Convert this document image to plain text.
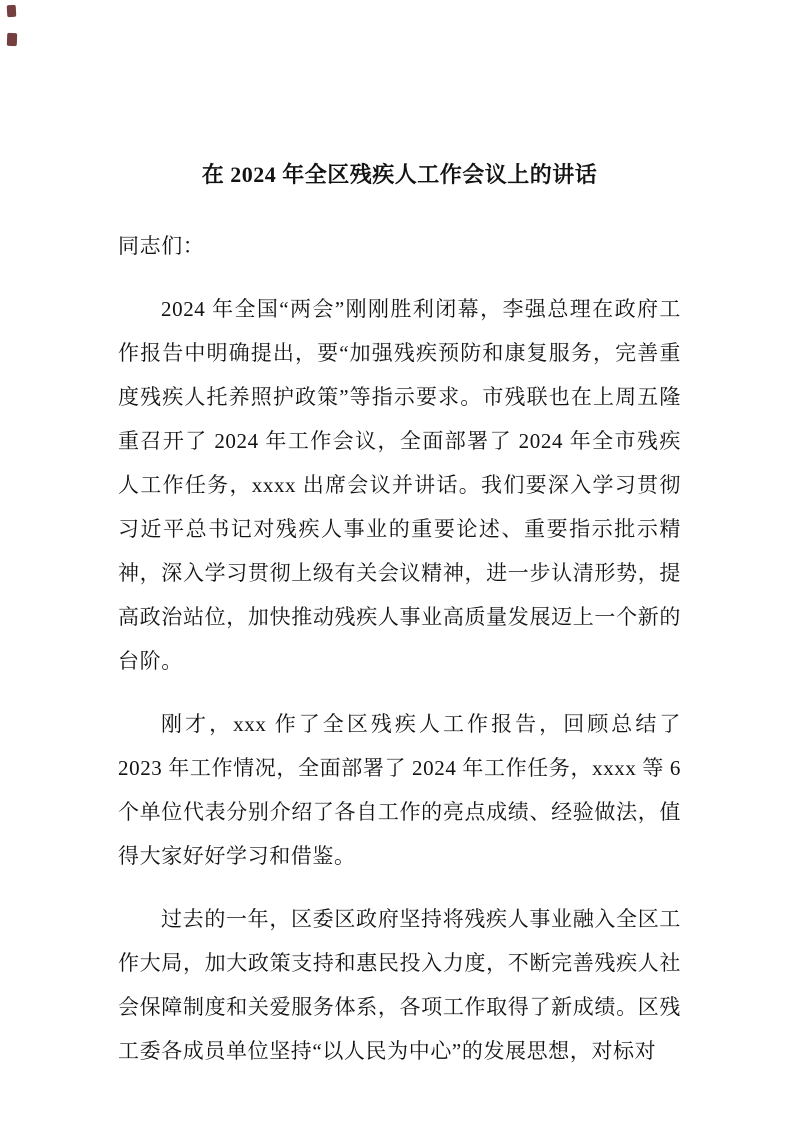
在 2024 年全区残疾人工作会议上的讲话

同志们：

2024 年全国“两会”刚刚胜利闭幕，李强总理在政府工作报告中明确提出，要“加强残疾预防和康复服务，完善重度残疾人托养照护政策”等指示要求。市残联也在上周五隆重召开了 2024 年工作会议，全面部署了 2024 年全市残疾人工作任务，xxxx 出席会议并讲话。我们要深入学习贯彻习近平总书记对残疾人事业的重要论述、重要指示批示精神，深入学习贯彻上级有关会议精神，进一步认清形势，提高政治站位，加快推动残疾人事业高质量发展迈上一个新的台阶。

刚才，xxx 作了全区残疾人工作报告，回顾总结了 2023 年工作情况，全面部署了 2024 年工作任务，xxxx 等 6 个单位代表分别介绍了各自工作的亮点成绩、经验做法，值得大家好好学习和借鉴。

过去的一年，区委区政府坚持将残疾人事业融入全区工作大局，加大政策支持和惠民投入力度，不断完善残疾人社会保障制度和关爱服务体系，各项工作取得了新成绩。区残工委各成员单位坚持“以人民为中心”的发展思想，对标对
